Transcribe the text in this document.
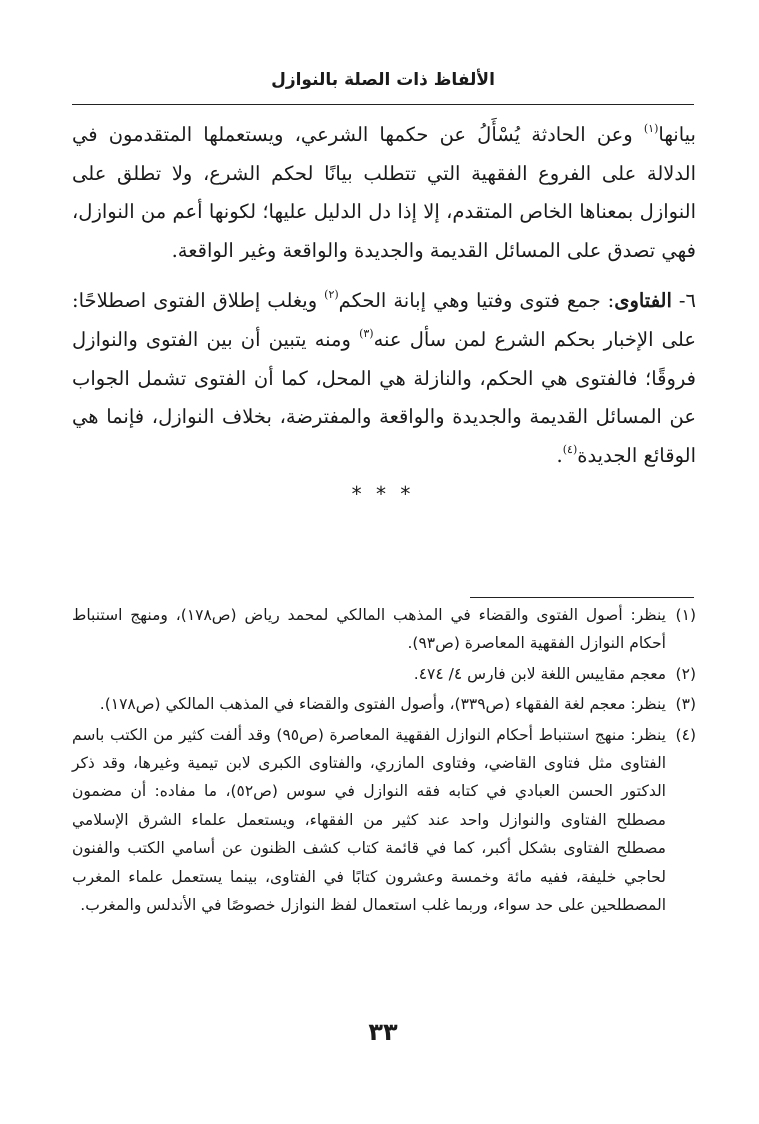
الألفاظ ذات الصلة بالنوازل

بيانها$^{(١)}$ وعن الحادثة يُسْأَلُ عن حكمها الشرعي، ويستعملها المتقدمون في الدلالة على الفروع الفقهية التي تتطلب بيانًا لحكم الشرع، ولا تطلق على النوازل بمعناها الخاص المتقدم، إلا إذا دل الدليل عليها؛ لكونها أعم من النوازل، فهي تصدق على المسائل القديمة والجديدة والواقعة وغير الواقعة.

٦- الفتاوى: جمع فتوى وفتيا وهي إبانة الحكم$^{(٢)}$ ويغلب إطلاق الفتوى اصطلاحًا: على الإخبار بحكم الشرع لمن سأل عنه$^{(٣)}$ ومنه يتبين أن بين الفتوى والنوازل فروقًا؛ فالفتوى هي الحكم، والنازلة هي المحل، كما أن الفتوى تشمل الجواب عن المسائل القديمة والجديدة والواقعة والمفترضة، بخلاف النوازل، فإنما هي الوقائع الجديدة$^{(٤)}$.

* * *
(١)
ينظر: أصول الفتوى والقضاء في المذهب المالكي لمحمد رياض (ص١٧٨)، ومنهج استنباط أحكام النوازل الفقهية المعاصرة (ص٩٣).
(٢)
معجم مقاييس اللغة لابن فارس ٤/ ٤٧٤.
(٣)
ينظر: معجم لغة الفقهاء (ص٣٣٩)، وأصول الفتوى والقضاء في المذهب المالكي (ص١٧٨).
(٤)
ينظر: منهج استنباط أحكام النوازل الفقهية المعاصرة (ص٩٥) وقد ألفت كثير من الكتب باسم الفتاوى مثل فتاوى القاضي، وفتاوى المازري، والفتاوى الكبرى لابن تيمية وغيرها، وقد ذكر الدكتور الحسن العبادي في كتابه فقه النوازل في سوس (ص٥٢)، ما مفاده: أن مضمون مصطلح الفتاوى والنوازل واحد عند كثير من الفقهاء، ويستعمل علماء الشرق الإسلامي مصطلح الفتاوى بشكل أكبر، كما في قائمة كتاب كشف الظنون عن أسامي الكتب والفنون لحاجي خليفة، ففيه مائة وخمسة وعشرون كتابًا في الفتاوى، بينما يستعمل علماء المغرب المصطلحين على حد سواء، وربما غلب استعمال لفظ النوازل خصوصًا في الأندلس والمغرب.
٣٣
